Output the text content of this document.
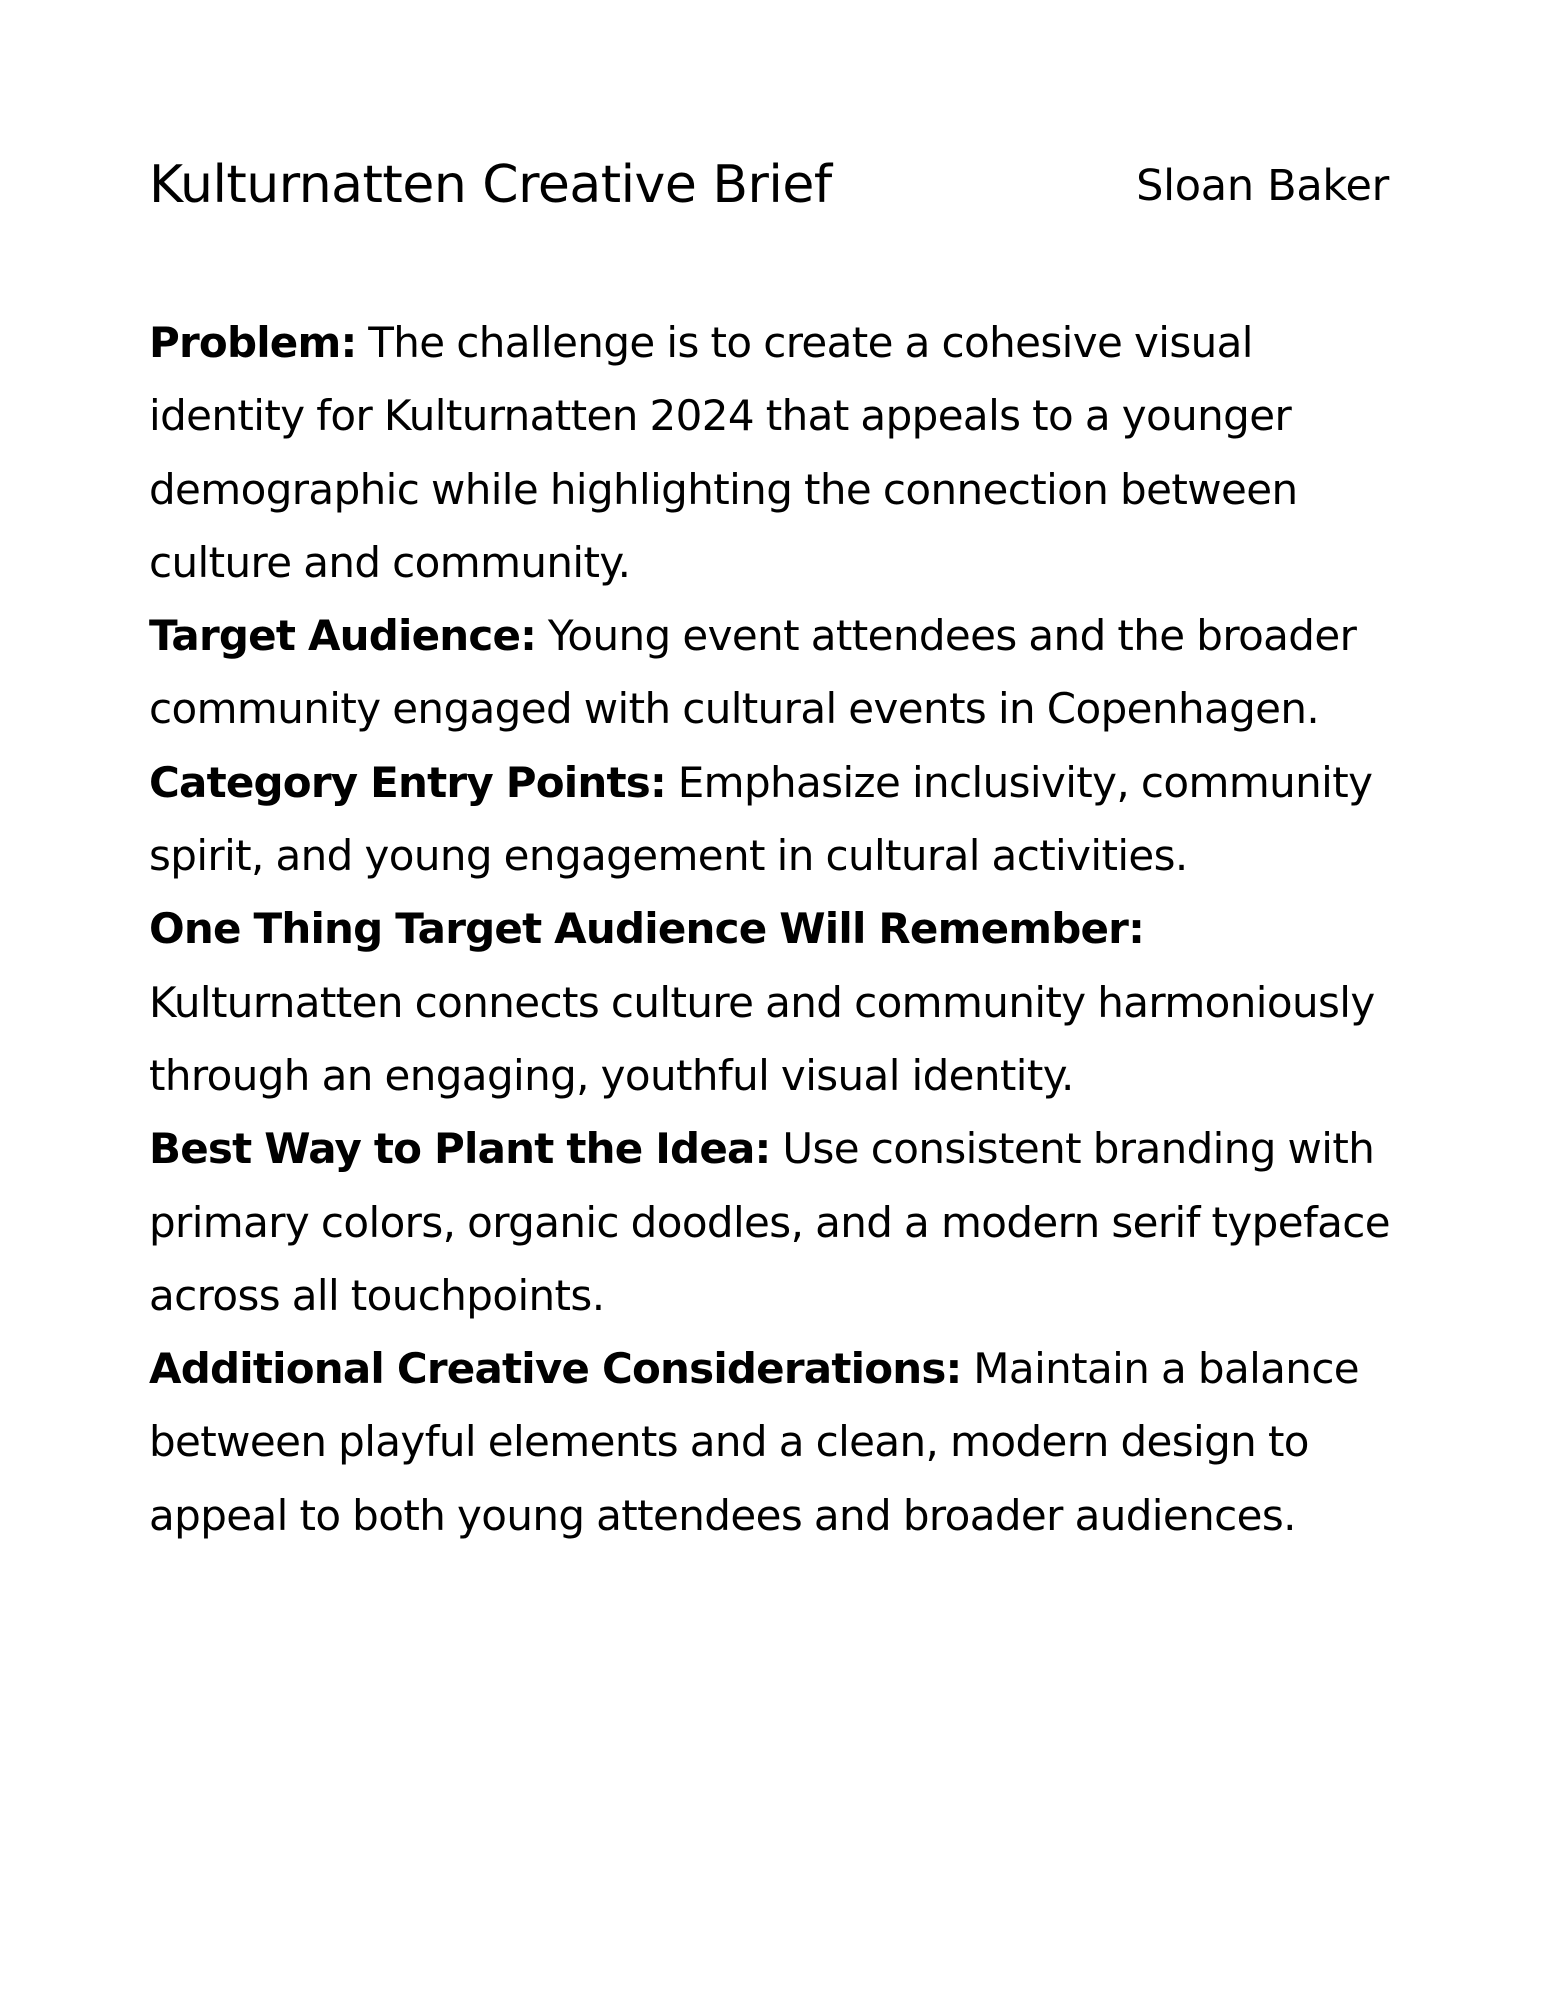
Kulturnatten Creative Brief	Sloan Baker

Problem: The challenge is to create a cohesive visual identity for Kulturnatten 2024 that appeals to a younger demographic while highlighting the connection between culture and community.

Target Audience: Young event attendees and the broader community engaged with cultural events in Copenhagen.

Category Entry Points: Emphasize inclusivity, community spirit, and young engagement in cultural activities.

One Thing Target Audience Will Remember:
Kulturnatten connects culture and community harmoniously through an engaging, youthful visual identity.

Best Way to Plant the Idea: Use consistent branding with primary colors, organic doodles, and a modern serif typeface across all touchpoints.

Additional Creative Considerations: Maintain a balance between playful elements and a clean, modern design to appeal to both young attendees and broader audiences.
